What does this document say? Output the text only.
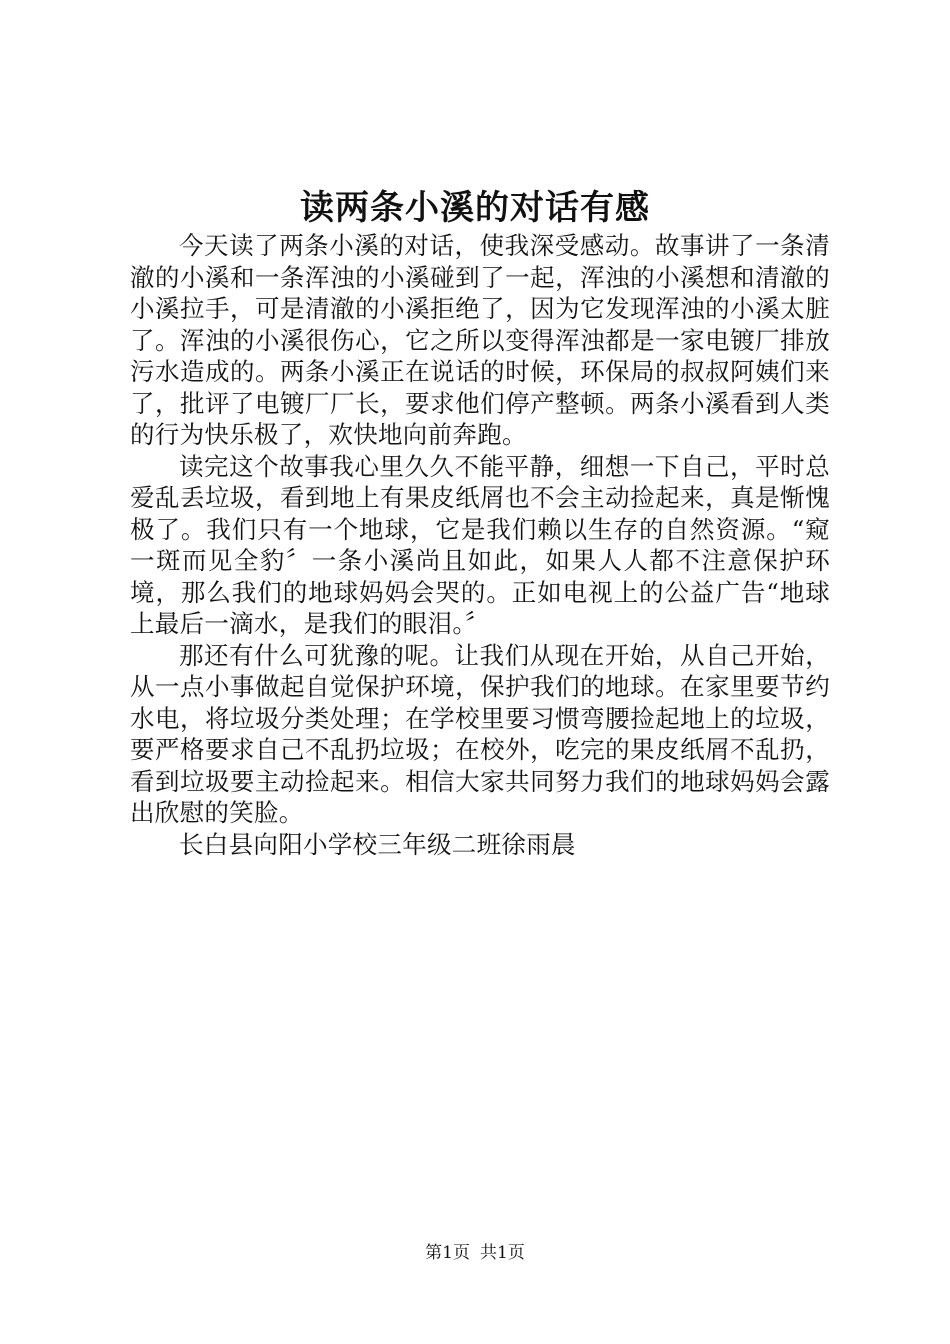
读两条小溪的对话有感

今天读了两条小溪的对话，使我深受感动。故事讲了一条清澈的小溪和一条浑浊的小溪碰到了一起，浑浊的小溪想和清澈的小溪拉手，可是清澈的小溪拒绝了，因为它发现浑浊的小溪太脏了。浑浊的小溪很伤心，它之所以变得浑浊都是一家电镀厂排放污水造成的。两条小溪正在说话的时候，环保局的叔叔阿姨们来了，批评了电镀厂厂长，要求他们停产整顿。两条小溪看到人类的行为快乐极了，欢快地向前奔跑。

读完这个故事我心里久久不能平静，细想一下自己，平时总爱乱丢垃圾，看到地上有果皮纸屑也不会主动捡起来，真是惭愧极了。我们只有一个地球，它是我们赖以生存的自然资源。“窥一斑而见全豹〞一条小溪尚且如此，如果人人都不注意保护环境，那么我们的地球妈妈会哭的。正如电视上的公益广告“地球上最后一滴水，是我们的眼泪。〞

那还有什么可犹豫的呢。让我们从现在开始，从自己开始，从一点小事做起自觉保护环境，保护我们的地球。在家里要节约水电，将垃圾分类处理；在学校里要习惯弯腰捡起地上的垃圾，要严格要求自己不乱扔垃圾；在校外，吃完的果皮纸屑不乱扔，看到垃圾要主动捡起来。相信大家共同努力我们的地球妈妈会露出欣慰的笑脸。

长白县向阳小学校三年级二班徐雨晨

第1页 共1页
